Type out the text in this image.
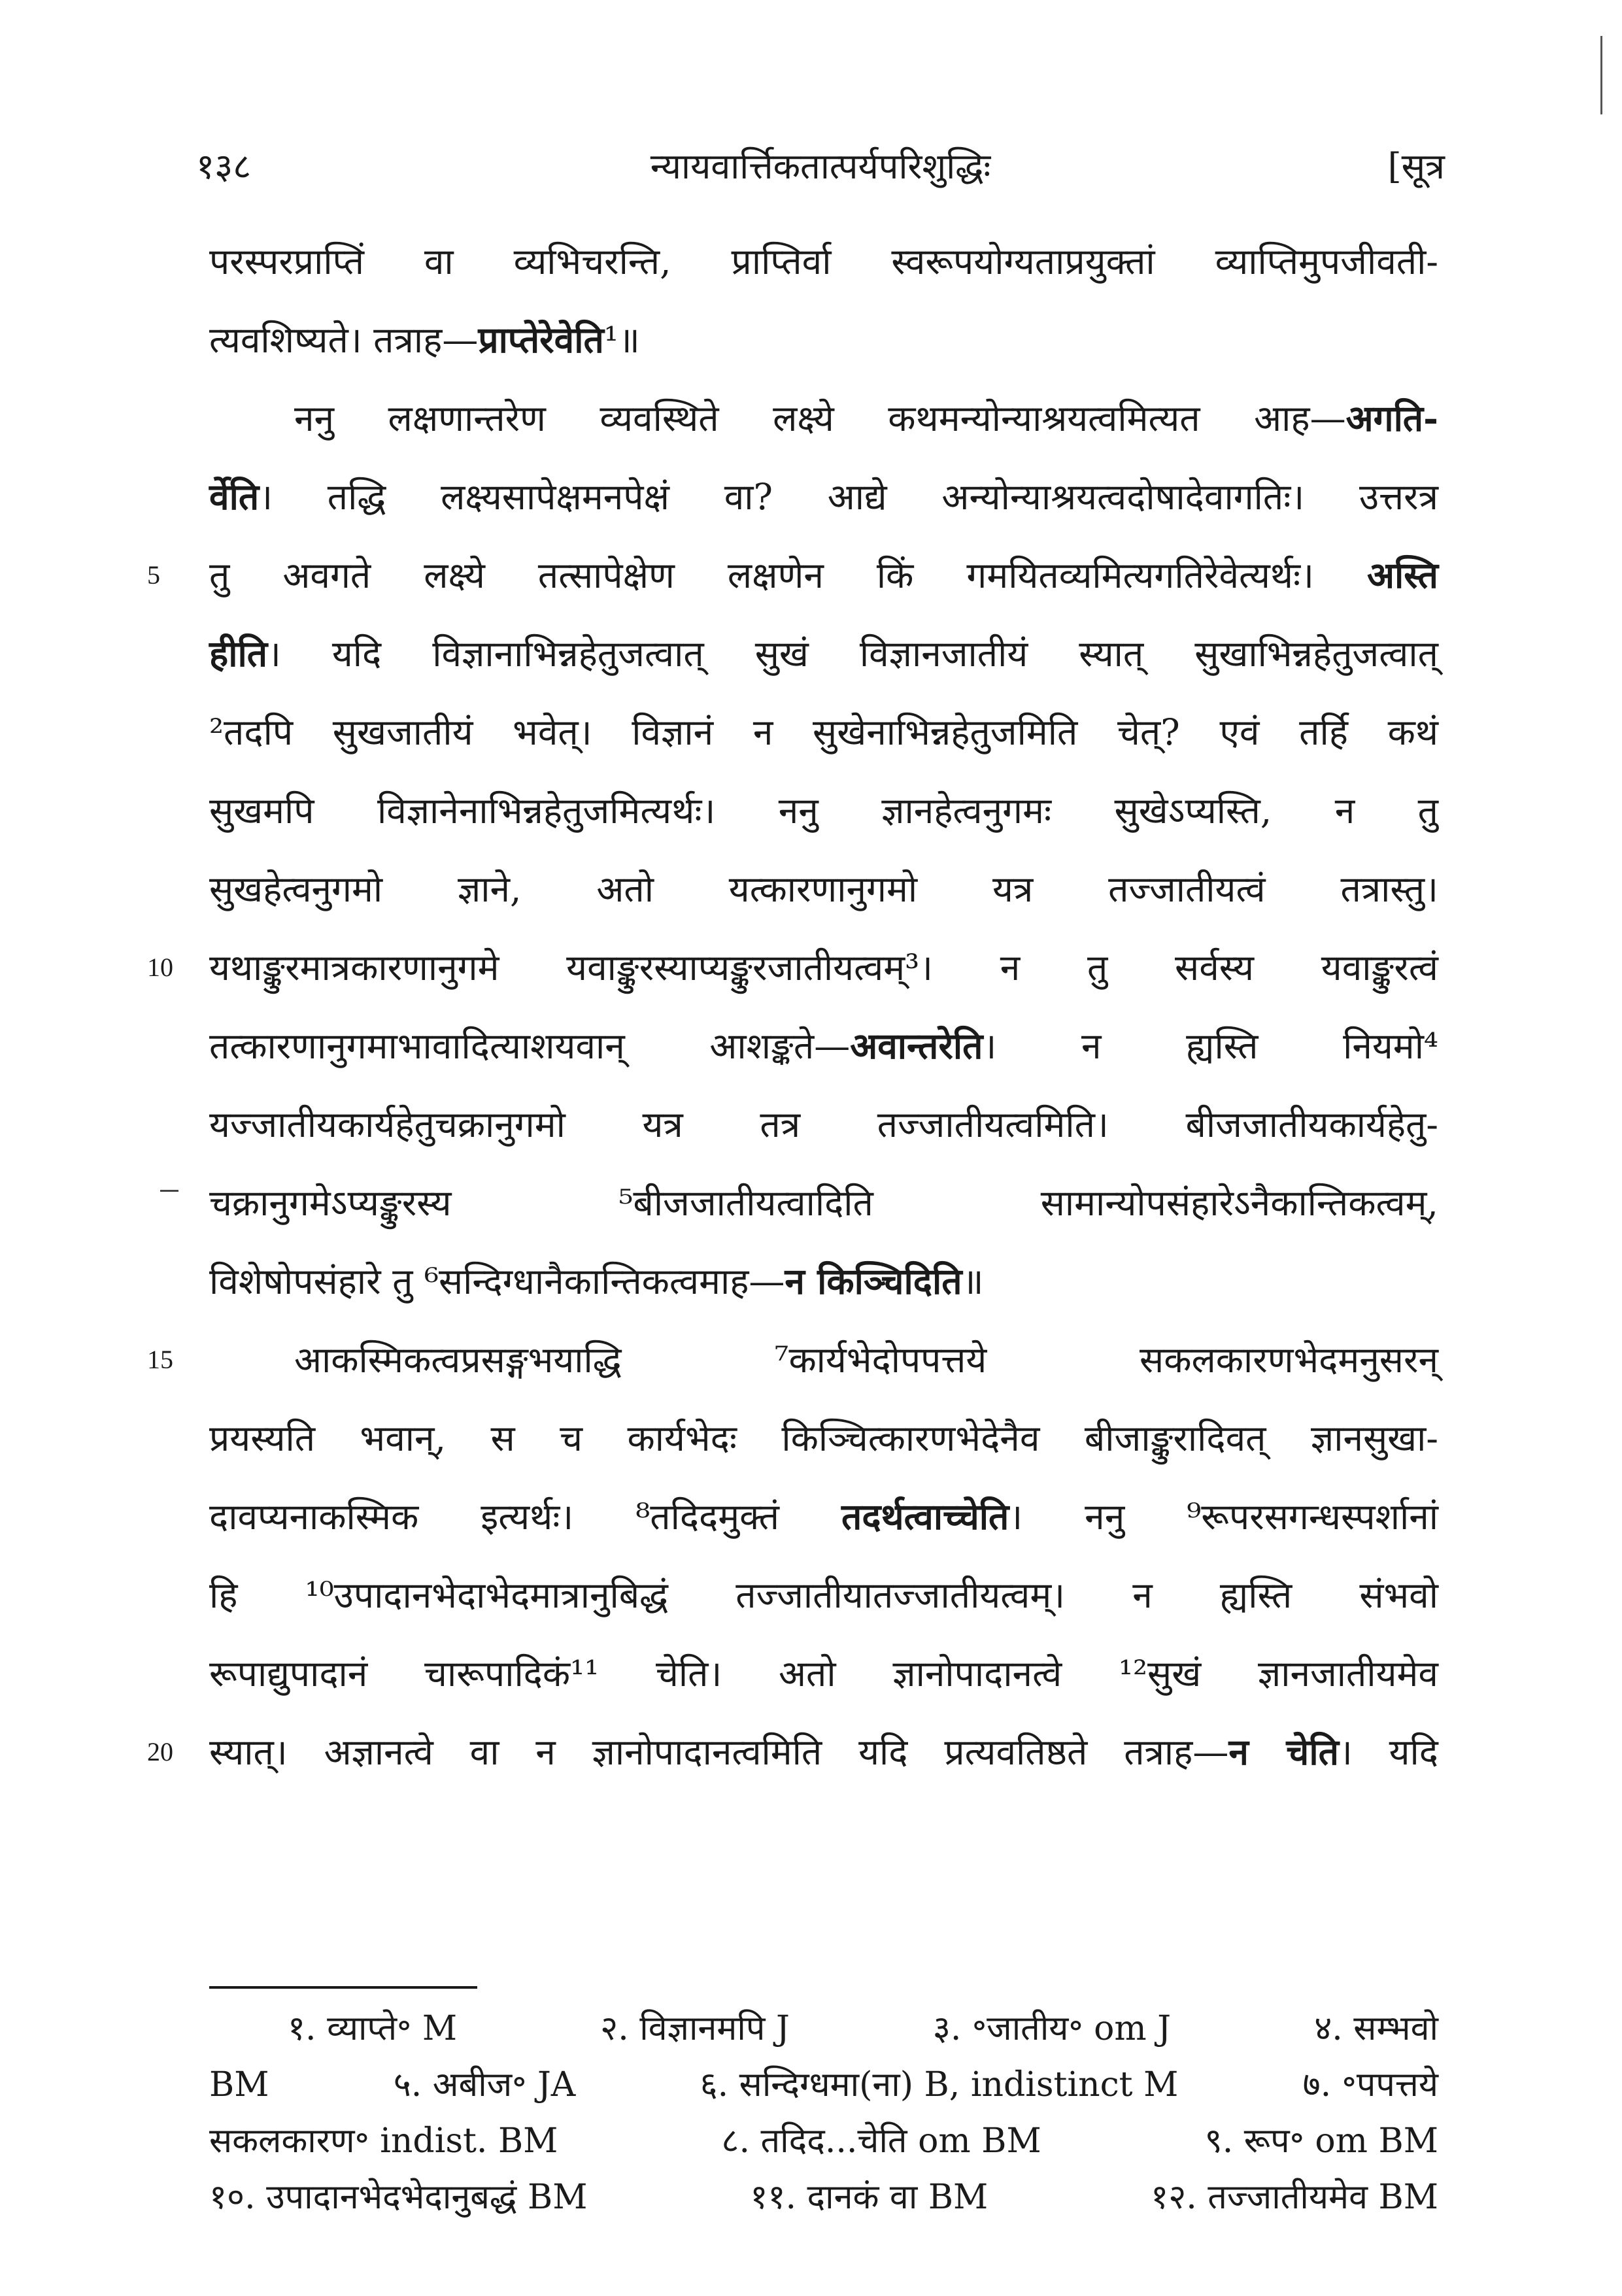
१३८	न्यायवार्त्तिकतात्पर्यपरिशुद्धिः	[सूत्र
परस्परप्राप्तिं वा व्यभिचरन्ति, प्राप्तिर्वा स्वरूपयोग्यताप्रयुक्तां व्याप्तिमुपजीवती-
त्यवशिष्यते। तत्राह—प्राप्तेरेवेति¹॥
ननु लक्षणान्तरेण व्यवस्थिते लक्ष्ये कथमन्योन्याश्रयत्वमित्यत आह—अगति-
र्वेति। तद्धि लक्ष्यसापेक्षमनपेक्षं वा? आद्ये अन्योन्याश्रयत्वदोषादेवागतिः। उत्तरत्र
5	तु अवगते लक्ष्ये तत्सापेक्षेण लक्षणेन किं गमयितव्यमित्यगतिरेवेत्यर्थः। अस्ति
हीति। यदि विज्ञानाभिन्नहेतुजत्वात् सुखं विज्ञानजातीयं स्यात् सुखाभिन्नहेतुजत्वात्
²तदपि सुखजातीयं भवेत्। विज्ञानं न सुखेनाभिन्नहेतुजमिति चेत्? एवं तर्हि कथं
सुखमपि विज्ञानेनाभिन्नहेतुजमित्यर्थः। ननु ज्ञानहेत्वनुगमः सुखेऽप्यस्ति, न तु
सुखहेत्वनुगमो ज्ञाने, अतो यत्कारणानुगमो यत्र तज्जातीयत्वं तत्रास्तु।
10	यथाङ्कुरमात्रकारणानुगमे यवाङ्कुरस्याप्यङ्कुरजातीयत्वम्³। न तु सर्वस्य यवाङ्कुरत्वं
तत्कारणानुगमाभावादित्याशयवान् आशङ्कते—अवान्तरेति। न ह्यस्ति नियमो⁴
यज्जातीयकार्यहेतुचक्रानुगमो यत्र तत्र तज्जातीयत्वमिति। बीजजातीयकार्यहेतु-
चक्रानुगमेऽप्यङ्कुरस्य ⁵बीजजातीयत्वादिति सामान्योपसंहारेऽनैकान्तिकत्वम्,
विशेषोपसंहारे तु ⁶सन्दिग्धानैकान्तिकत्वमाह—न किञ्चिदिति॥
15	आकस्मिकत्वप्रसङ्गभयाद्धि ⁷कार्यभेदोपपत्तये सकलकारणभेदमनुसरन्
प्रयस्यति भवान्, स च कार्यभेदः किञ्चित्कारणभेदेनैव बीजाङ्कुरादिवत् ज्ञानसुखा-
दावप्यनाकस्मिक इत्यर्थः। ⁸तदिदमुक्तं तदर्थत्वाच्चेति। ननु ⁹रूपरसगन्धस्पर्शानां
हि ¹⁰उपादानभेदाभेदमात्रानुबिद्धं तज्जातीयातज्जातीयत्वम्। न ह्यस्ति संभवो
रूपाद्युपादानं चारूपादिकं¹¹ चेति। अतो ज्ञानोपादानत्वे ¹²सुखं ज्ञानजातीयमेव
20	स्यात्। अज्ञानत्वे वा न ज्ञानोपादानत्वमिति यदि प्रत्यवतिष्ठते तत्राह—न चेति। यदि
१. व्याप्ते॰ M	२. विज्ञानमपि J	३. ॰जातीय॰ om J	४. सम्भवो
BM	५. अबीज॰ JA	६. सन्दिग्धमा(ना) B, indistinct M	७. ॰पपत्तये
सकलकारण॰ indist. BM	८. तदिद...चेति om BM	९. रूप॰ om BM
१०. उपादानभेदभेदानुबद्धं BM	११. दानकं वा BM	१२. तज्जातीयमेव BM
